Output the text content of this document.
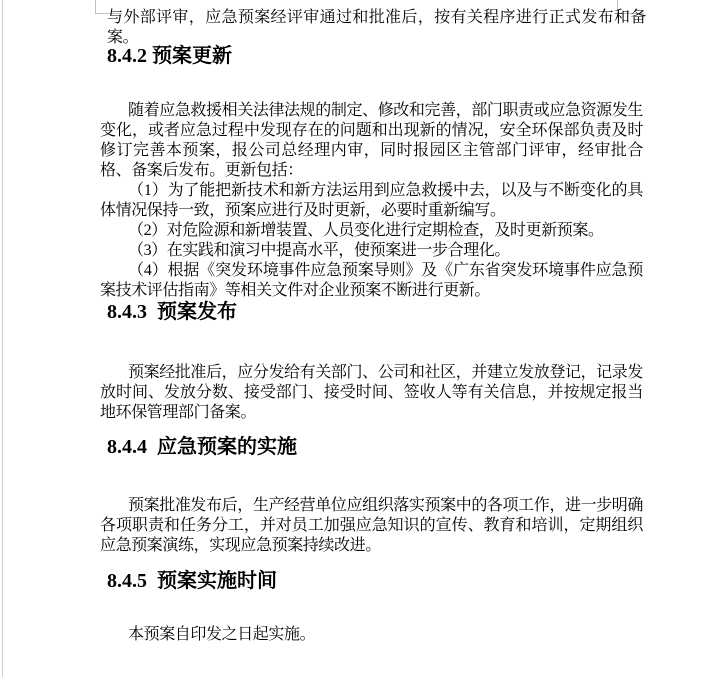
与外部评审，应急预案经评审通过和批准后，按有关程序进行正式发布和备案。

8.4.2 预案更新

随着应急救援相关法律法规的制定、修改和完善，部门职责或应急资源发生变化，或者应急过程中发现存在的问题和出现新的情况，安全环保部负责及时修订完善本预案，报公司总经理内审，同时报园区主管部门评审，经审批合格、备案后发布。更新包括：

（1）为了能把新技术和新方法运用到应急救援中去，以及与不断变化的具体情况保持一致，预案应进行及时更新，必要时重新编写。

（2）对危险源和新增装置、人员变化进行定期检查，及时更新预案。

（3）在实践和演习中提高水平，使预案进一步合理化。

（4）根据《突发环境事件应急预案导则》及《广东省突发环境事件应急预案技术评估指南》等相关文件对企业预案不断进行更新。

8.4.3  预案发布

预案经批准后，应分发给有关部门、公司和社区，并建立发放登记，记录发放时间、发放分数、接受部门、接受时间、签收人等有关信息，并按规定报当地环保管理部门备案。

8.4.4  应急预案的实施

预案批准发布后，生产经营单位应组织落实预案中的各项工作，进一步明确各项职责和任务分工，并对员工加强应急知识的宣传、教育和培训，定期组织应急预案演练，实现应急预案持续改进。

8.4.5  预案实施时间

本预案自印发之日起实施。
